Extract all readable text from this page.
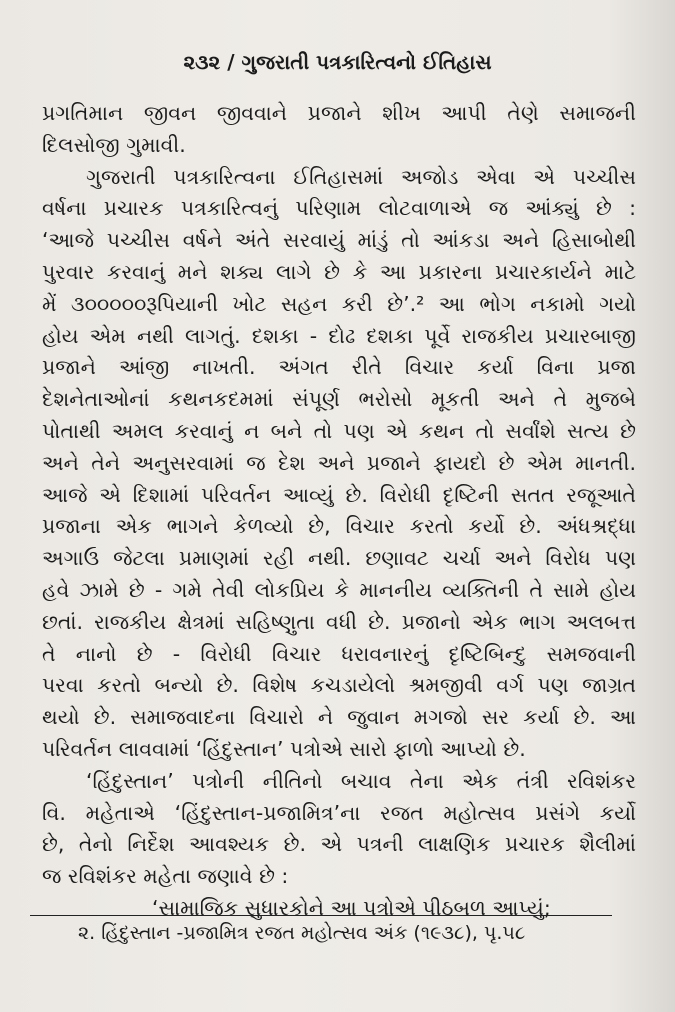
૨૩૨ / ગુજરાતી પત્રકારિત્વનો ઈતિહાસ
પ્રગતિમાન જીવન જીવવાને પ્રજાને શીખ આપી તેણે સમાજની
દિલસોજી ગુમાવી.
ગુજરાતી પત્રકારિત્વના ઈતિહાસમાં અજોડ એવા એ પચ્ચીસ
વર્ષના પ્રચારક પત્રકારિત્વનું પરિણામ લોટવાળાએ જ આંક્યું છે :
‘આજે પચ્ચીસ વર્ષને અંતે સરવાયું માંડું તો આંકડા અને હિસાબોથી
પુરવાર કરવાનું મને શક્ય લાગે છે કે આ પ્રકારના પ્રચારકાર્યને માટે
મેં ૩૦૦૦૦૦રૂપિયાની ખોટ સહન કરી છે’.² આ ભોગ નકામો ગયો
હોય એમ નથી લાગતું. દશકા - દોઢ દશકા પૂર્વે રાજકીય પ્રચારબાજી
પ્રજાને આંજી નાખતી. અંગત રીતે વિચાર કર્યા વિના પ્રજા
દેશનેતાઓનાં કથનકદમમાં સંપૂર્ણ ભરોસો મૂકતી અને તે મુજબે
પોતાથી અમલ કરવાનું ન બને તો પણ એ કથન તો સર્વાંશે સત્ય છે
અને તેને અનુસરવામાં જ દેશ અને પ્રજાને ફાયદો છે એમ માનતી.
આજે એ દિશામાં પરિવર્તન આવ્યું છે. વિરોધી દૃષ્ટિની સતત રજૂઆતે
પ્રજાના એક ભાગને કેળવ્યો છે, વિચાર કરતો કર્યો છે. અંધશ્રદ્ધા
અગાઉ જેટલા પ્રમાણમાં રહી નથી. છણાવટ ચર્ચા અને વિરોધ પણ
હવે ઝામે છે - ગમે તેવી લોકપ્રિય કે માનનીય વ્યક્તિની તે સામે હોય
છતાં. રાજકીય ક્ષેત્રમાં સહિષ્ણુતા વધી છે. પ્રજાનો એક ભાગ અલબત્ત
તે નાનો છે - વિરોધી વિચાર ધરાવનારનું દૃષ્ટિબિન્દુ સમજવાની
પરવા કરતો બન્યો છે. વિશેષ કચડાયેલો શ્રમજીવી વર્ગ પણ જાગ્રત
થયો છે. સમાજવાદના વિચારો ને જુવાન મગજો સર કર્યા છે. આ
પરિવર્તન લાવવામાં ‘હિંદુસ્તાન’ પત્રોએ સારો ફાળો આપ્યો છે.
‘હિંદુસ્તાન’ પત્રોની નીતિનો બચાવ તેના એક તંત્રી રવિશંકર
વિ. મહેતાએ ‘હિંદુસ્તાન-પ્રજામિત્ર’ના રજત મહોત્સવ પ્રસંગે કર્યો
છે, તેનો નિર્દેશ આવશ્યક છે. એ પત્રની લાક્ષણિક પ્રચારક શૈલીમાં
જ રવિશંકર મહેતા જણાવે છે :
‘સામાજિક સુધારકોને આ પત્રોએ પીઠબળ આપ્યું;
૨. હિંદુસ્તાન -પ્રજામિત્ર રજત મહોત્સવ અંક (૧૯૩૮), પૃ.૫૮
